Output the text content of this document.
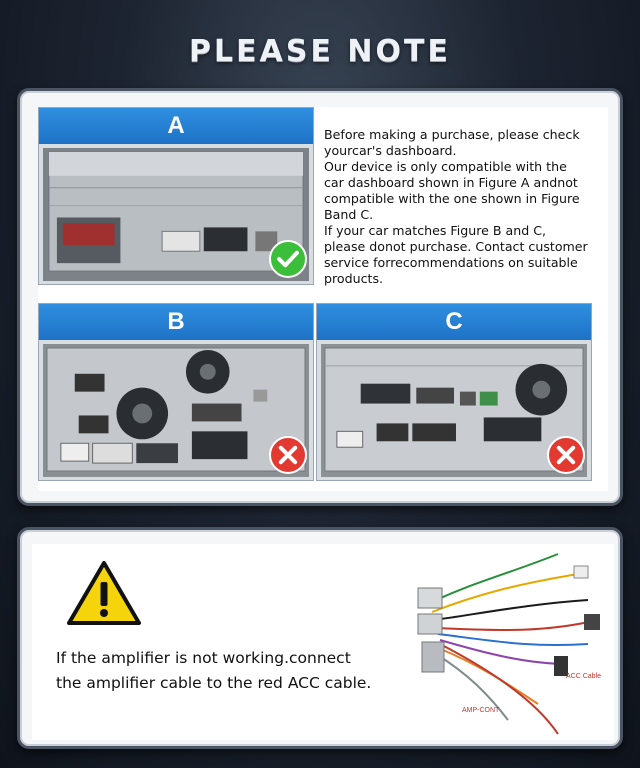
PLEASE NOTE
A	Before making a purchase, please check

yourcar's dashboard.

Our device is only compatible with the

car dashboard shown in Figure A andnot

compatible with the one shown in Figure

Band C.

If your car matches Figure B and C,

please donot purchase. Contact customer

service forrecommendations on suitable

products.

B	C
If the amplifier is not working.connect
the amplifier cable to the red ACC cable.	ACC Cable
AMP-CONT
